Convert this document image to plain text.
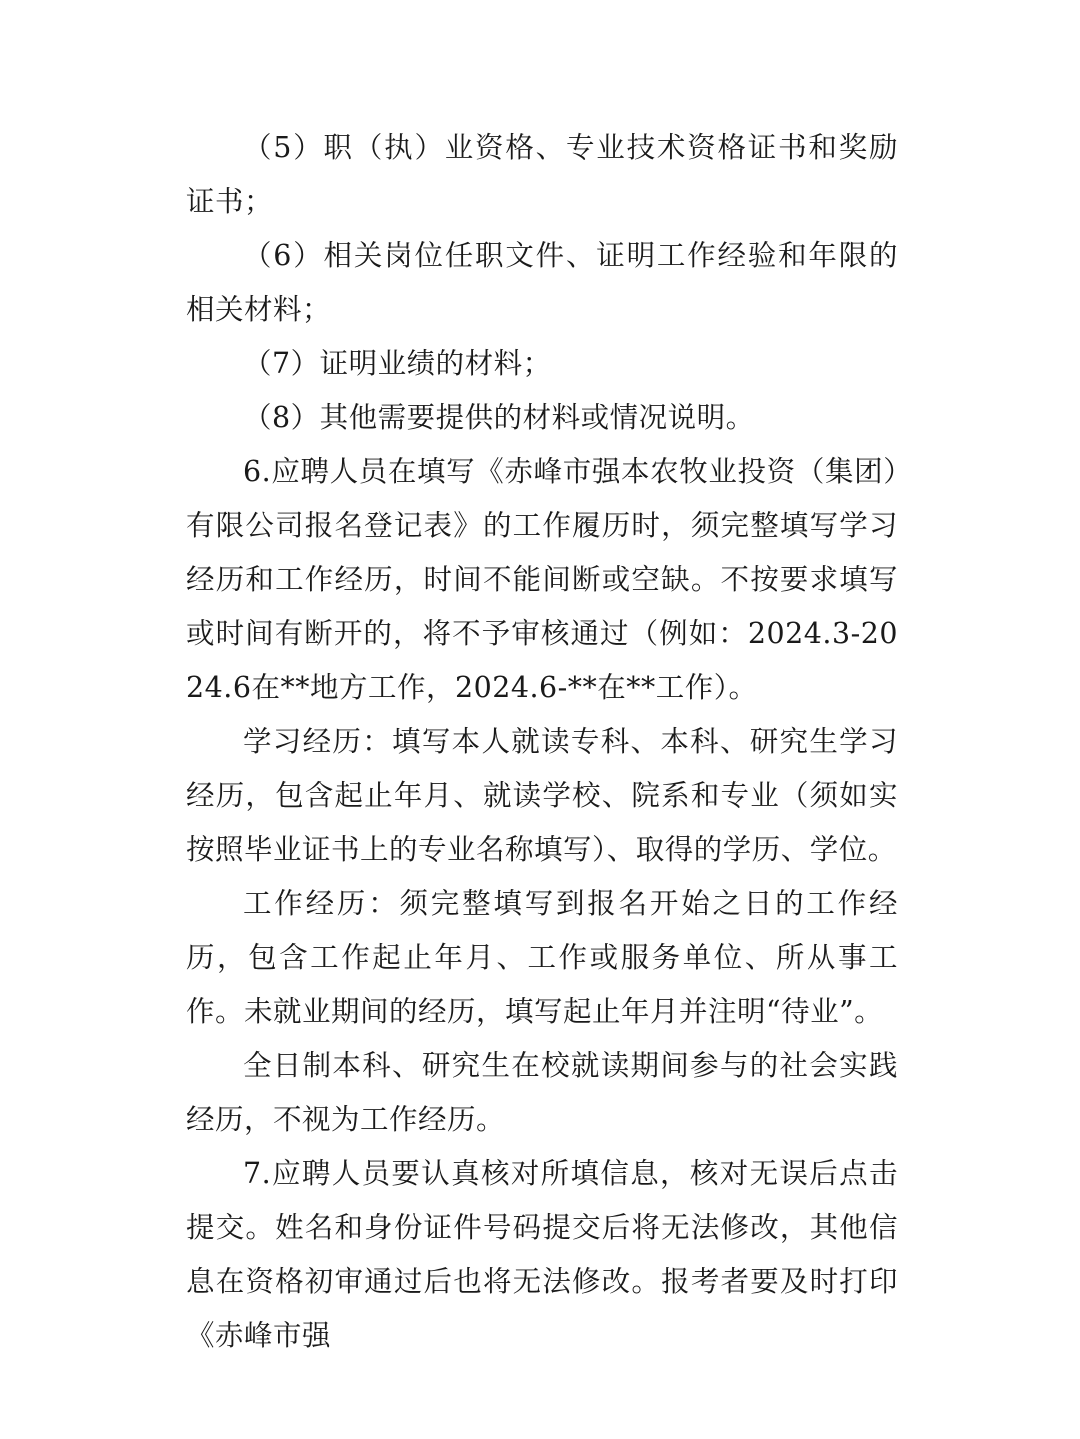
（5）职（执）业资格、专业技术资格证书和奖励证书；

（6）相关岗位任职文件、证明工作经验和年限的相关材料；

（7）证明业绩的材料；

（8）其他需要提供的材料或情况说明。

6.应聘人员在填写《赤峰市强本农牧业投资（集团）有限公司报名登记表》的工作履历时，须完整填写学习经历和工作经历，时间不能间断或空缺。不按要求填写或时间有断开的，将不予审核通过（例如：2024.3-2024.6在**地方工作，2024.6-**在**工作）。

学习经历：填写本人就读专科、本科、研究生学习经历，包含起止年月、就读学校、院系和专业（须如实按照毕业证书上的专业名称填写）、取得的学历、学位。

工作经历：须完整填写到报名开始之日的工作经历，包含工作起止年月、工作或服务单位、所从事工作。未就业期间的经历，填写起止年月并注明“待业”。

全日制本科、研究生在校就读期间参与的社会实践经历，不视为工作经历。

7.应聘人员要认真核对所填信息，核对无误后点击提交。姓名和身份证件号码提交后将无法修改，其他信息在资格初审通过后也将无法修改。报考者要及时打印《赤峰市强
